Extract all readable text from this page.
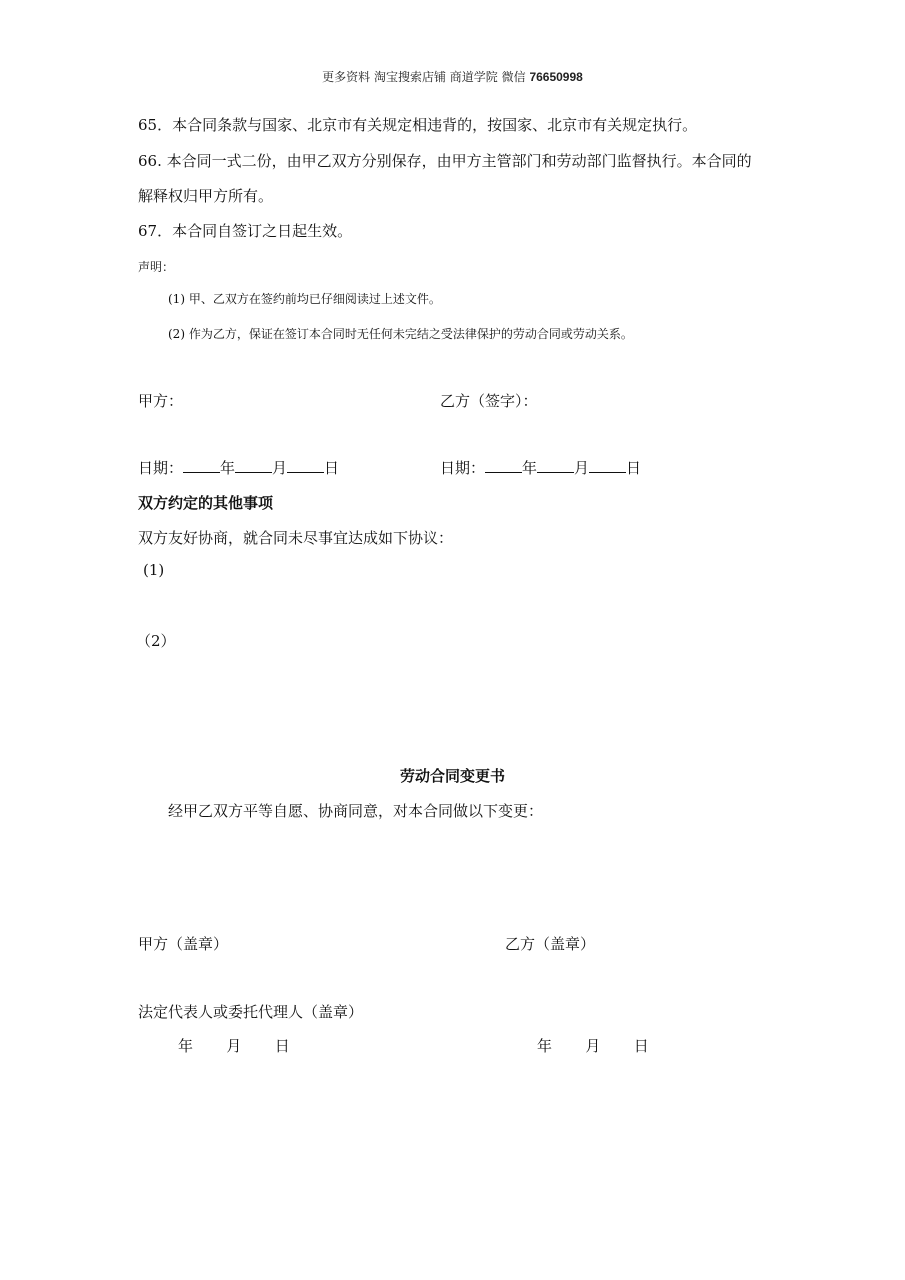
更多资料 淘宝搜索店铺 商道学院 微信 76650998
65．本合同条款与国家、北京市有关规定相违背的，按国家、北京市有关规定执行。
66. 本合同一式二份，由甲乙双方分别保存，由甲方主管部门和劳动部门监督执行。本合同的
解释权归甲方所有。
67．本合同自签订之日起生效。
声明：
(1) 甲、乙双方在签约前均已仔细阅读过上述文件。
(2) 作为乙方，保证在签订本合同时无任何未完结之受法律保护的劳动合同或劳动关系。
甲方：	乙方（签字）：
日期： 年 月 日	日期： 年 月 日
双方约定的其他事项
双方友好协商，就合同未尽事宜达成如下协议：
(1)
（2）
劳动合同变更书
经甲乙双方平等自愿、协商同意，对本合同做以下变更：
甲方（盖章）	乙方（盖章）
法定代表人或委托代理人（盖章）
年       月       日	年       月       日
